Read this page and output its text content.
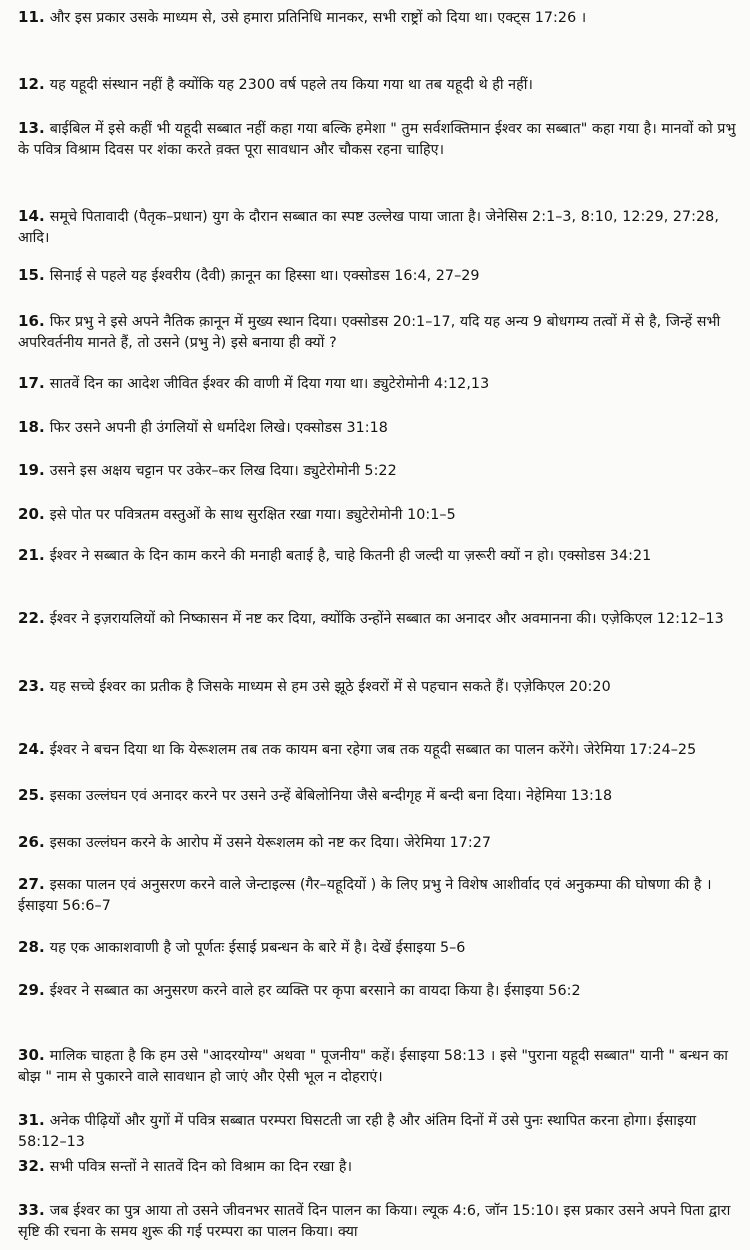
11. और इस प्रकार उसके माध्यम से, उसे हमारा प्रतिनिधि मानकर, सभी राष्ट्रों को दिया था। एक्ट्स 17:26 ।
12. यह यहूदी संस्थान नहीं है क्योंकि यह 2300 वर्ष पहले तय किया गया था तब यहूदी थे ही नहीं।
13. बाईबिल में इसे कहीं भी यहूदी सब्बात नहीं कहा गया बल्कि हमेशा " तुम सर्वशक्तिमान ईश्वर का सब्बात" कहा गया है। मानवों को प्रभु के पवित्र विश्राम दिवस पर शंका करते व़क्त पूरा सावधान और चौकस रहना चाहिए।
14. समूचे पितावादी (पैतृक–प्रधान) युग के दौरान सब्बात का स्पष्ट उल्लेख पाया जाता है। जेनेसिस 2:1–3, 8:10, 12:29, 27:28, आदि।
15. सिनाई से पहले यह ईश्वरीय (दैवी) क़ानून का हिस्सा था। एक्सोडस 16:4, 27–29
16. फिर प्रभु ने इसे अपने नैतिक क़ानून में मुख्य स्थान दिया। एक्सोडस 20:1–17, यदि यह अन्य 9 बोधगम्य तत्वों में से है, जिन्हें सभी अपरिवर्तनीय मानते हैं, तो उसने (प्रभु ने) इसे बनाया ही क्यों ?
17. सातवें दिन का आदेश जीवित ईश्वर की वाणी में दिया गया था। ड्युटेरोमोनी 4:12,13
18. फिर उसने अपनी ही उंगलियों से धर्मादेश लिखे। एक्सोडस 31:18
19. उसने इस अक्षय चट्टान पर उकेर–कर लिख दिया। ड्युटेरोमोनी 5:22
20. इसे पोत पर पवित्रतम वस्तुओं के साथ सुरक्षित रखा गया। ड्युटेरोमोनी 10:1–5
21. ईश्वर ने सब्बात के दिन काम करने की मनाही बताई है, चाहे कितनी ही जल्दी या ज़रूरी क्यों न हो। एक्सोडस 34:21
22. ईश्वर ने इज़रायलियों को निष्कासन में नष्ट कर दिया, क्योंकि उन्होंने सब्बात का अनादर और अवमानना की। एज़ेकिएल 12:12–13
23. यह सच्चे ईश्वर का प्रतीक है जिसके माध्यम से हम उसे झूठे ईश्वरों में से पहचान सकते हैं। एज़ेकिएल 20:20
24. ईश्वर ने बचन दिया था कि येरूशलम तब तक कायम बना रहेगा जब तक यहूदी सब्बात का पालन करेंगे। जेरेमिया 17:24–25
25. इसका उल्लंघन एवं अनादर करने पर उसने उन्हें बेबिलोनिया जैसे बन्दीगृह में बन्दी बना दिया। नेहेमिया 13:18
26. इसका उल्लंघन करने के आरोप में उसने येरूशलम को नष्ट कर दिया। जेरेमिया 17:27
27. इसका पालन एवं अनुसरण करने वाले जेन्टाइल्स (गैर–यहूदियों ) के लिए प्रभु ने विशेष आशीर्वाद एवं अनुकम्पा की घोषणा की है । ईसाइया 56:6–7
28. यह एक आकाशवाणी है जो पूर्णतः ईसाई प्रबन्धन के बारे में है। देखें ईसाइया 5–6
29. ईश्वर ने सब्बात का अनुसरण करने वाले हर व्यक्ति पर कृपा बरसाने का वायदा किया है। ईसाइया 56:2
30. मालिक चाहता है कि हम उसे "आदरयोग्य" अथवा " पूजनीय" कहें। ईसाइया 58:13 । इसे "पुराना यहूदी सब्बात" यानी " बन्धन का बोझ " नाम से पुकारने वाले सावधान हो जाएं और ऐसी भूल न दोहराएं।
31. अनेक पीढ़ियों और युगों में पवित्र सब्बात परम्परा घिसटती जा रही है और अंतिम दिनों में उसे पुनः स्थापित करना होगा। ईसाइया 58:12–13
32. सभी पवित्र सन्तों ने सातवें दिन को विश्राम का दिन रखा है।
33. जब ईश्वर का पुत्र आया तो उसने जीवनभर सातवें दिन पालन का किया। ल्यूक 4:6, जॉन 15:10। इस प्रकार उसने अपने पिता द्वारा सृष्टि की रचना के समय शुरू की गई परम्परा का पालन किया। क्या
